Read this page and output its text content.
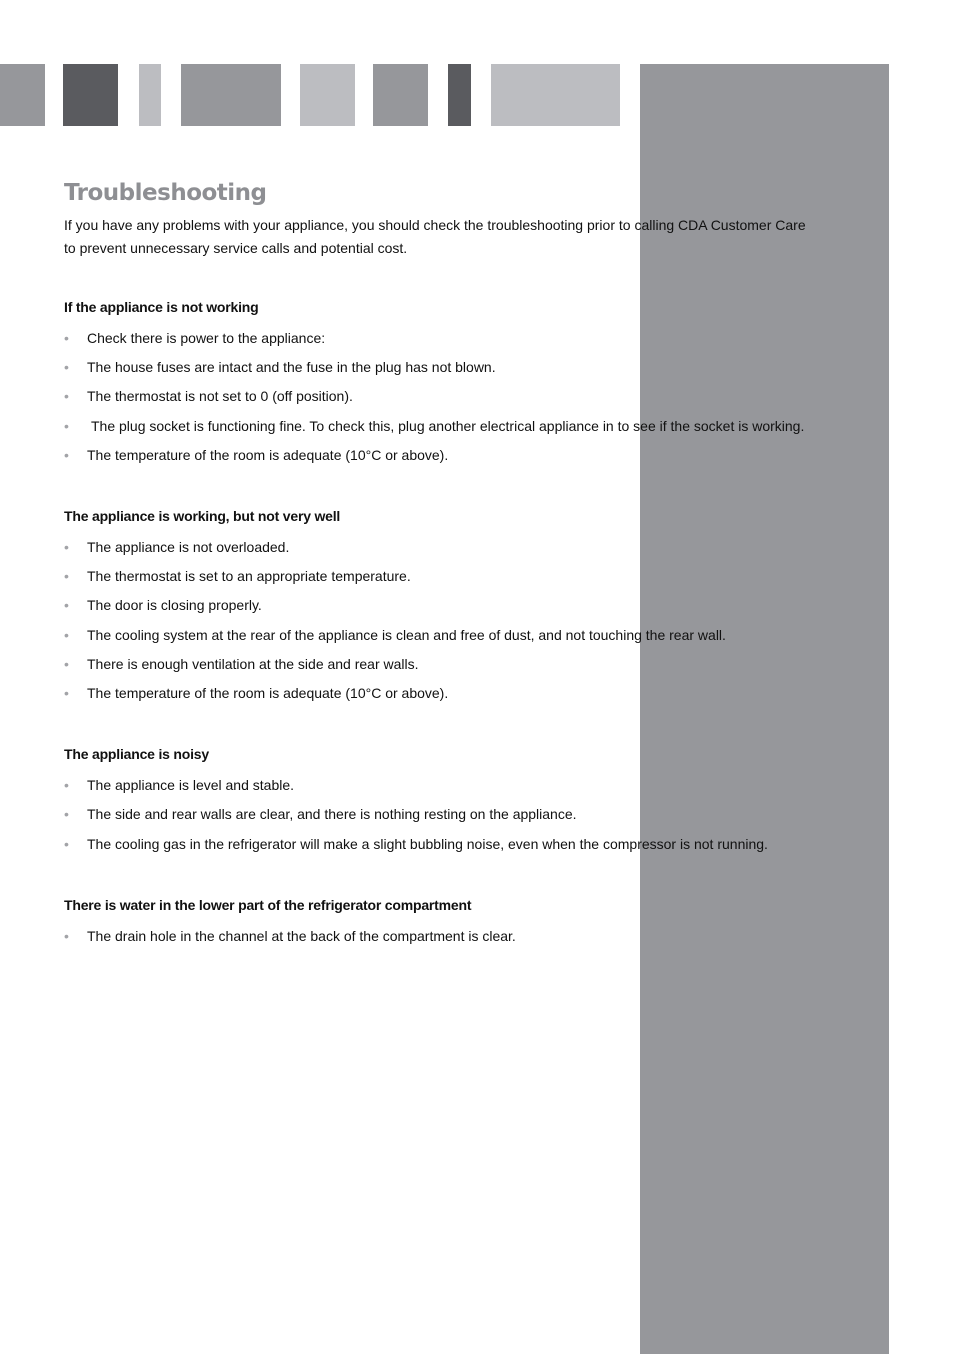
Troubleshooting

If you have any problems with your appliance, you should check the troubleshooting prior to calling CDA Customer Care
to prevent unnecessary service calls and potential cost.

If the appliance is not working
• Check there is power to the appliance:
• The house fuses are intact and the fuse in the plug has not blown.
• The thermostat is not set to 0 (off position).
• The plug socket is functioning fine. To check this, plug another electrical appliance in to see if the socket is working.
• The temperature of the room is adequate (10°C or above).
The appliance is working, but not very well
• The appliance is not overloaded.
• The thermostat is set to an appropriate temperature.
• The door is closing properly.
• The cooling system at the rear of the appliance is clean and free of dust, and not touching the rear wall.
• There is enough ventilation at the side and rear walls.
• The temperature of the room is adequate (10°C or above).
The appliance is noisy
• The appliance is level and stable.
• The side and rear walls are clear, and there is nothing resting on the appliance.
• The cooling gas in the refrigerator will make a slight bubbling noise, even when the compressor is not running.
There is water in the lower part of the refrigerator compartment
• The drain hole in the channel at the back of the compartment is clear.
